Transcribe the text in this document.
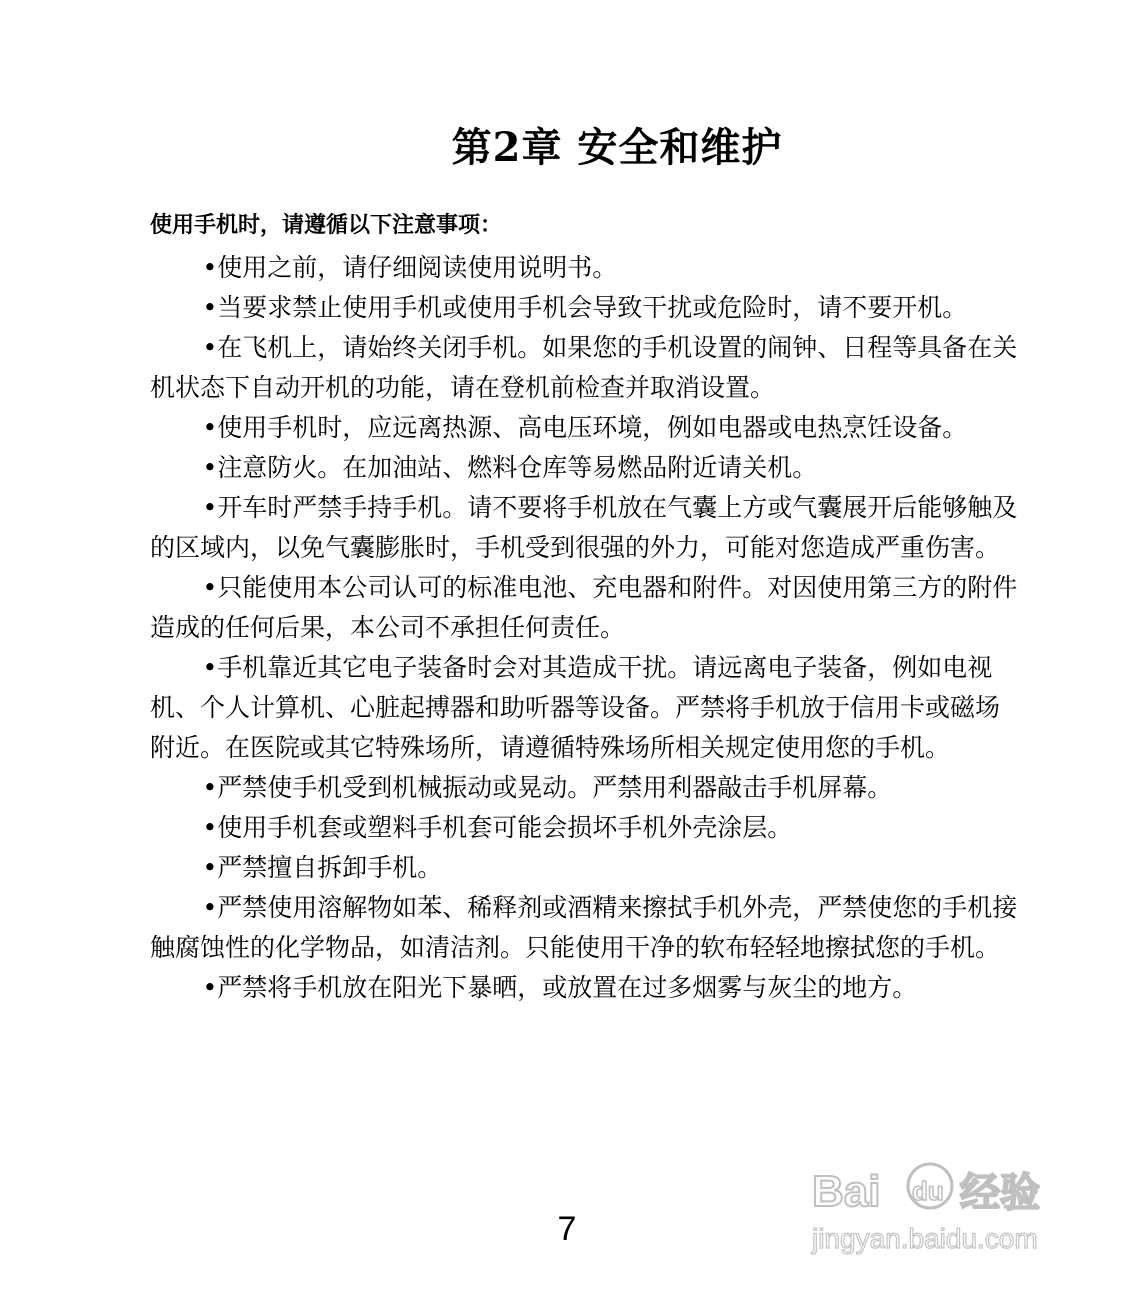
第2章 安全和维护
使用手机时，请遵循以下注意事项：

•使用之前，请仔细阅读使用说明书。

•当要求禁止使用手机或使用手机会导致干扰或危险时，请不要开机。

•在飞机上，请始终关闭手机。如果您的手机设置的闹钟、日程等具备在关机状态下自动开机的功能，请在登机前检查并取消设置。

•使用手机时，应远离热源、高电压环境，例如电器或电热烹饪设备。

•注意防火。在加油站、燃料仓库等易燃品附近请关机。

•开车时严禁手持手机。请不要将手机放在气囊上方或气囊展开后能够触及的区域内，以免气囊膨胀时，手机受到很强的外力，可能对您造成严重伤害。

•只能使用本公司认可的标准电池、充电器和附件。对因使用第三方的附件造成的任何后果，本公司不承担任何责任。

•手机靠近其它电子装备时会对其造成干扰。请远离电子装备，例如电视机、个人计算机、心脏起搏器和助听器等设备。严禁将手机放于信用卡或磁场附近。在医院或其它特殊场所，请遵循特殊场所相关规定使用您的手机。

•严禁使手机受到机械振动或晃动。严禁用利器敲击手机屏幕。

•使用手机套或塑料手机套可能会损坏手机外壳涂层。

•严禁擅自拆卸手机。

•严禁使用溶解物如苯、稀释剂或酒精来擦拭手机外壳，严禁使您的手机接触腐蚀性的化学物品，如清洁剂。只能使用干净的软布轻轻地擦拭您的手机。

•严禁将手机放在阳光下暴晒，或放置在过多烟雾与灰尘的地方。

Bai du 经验
jingyan.baidu.com
7
